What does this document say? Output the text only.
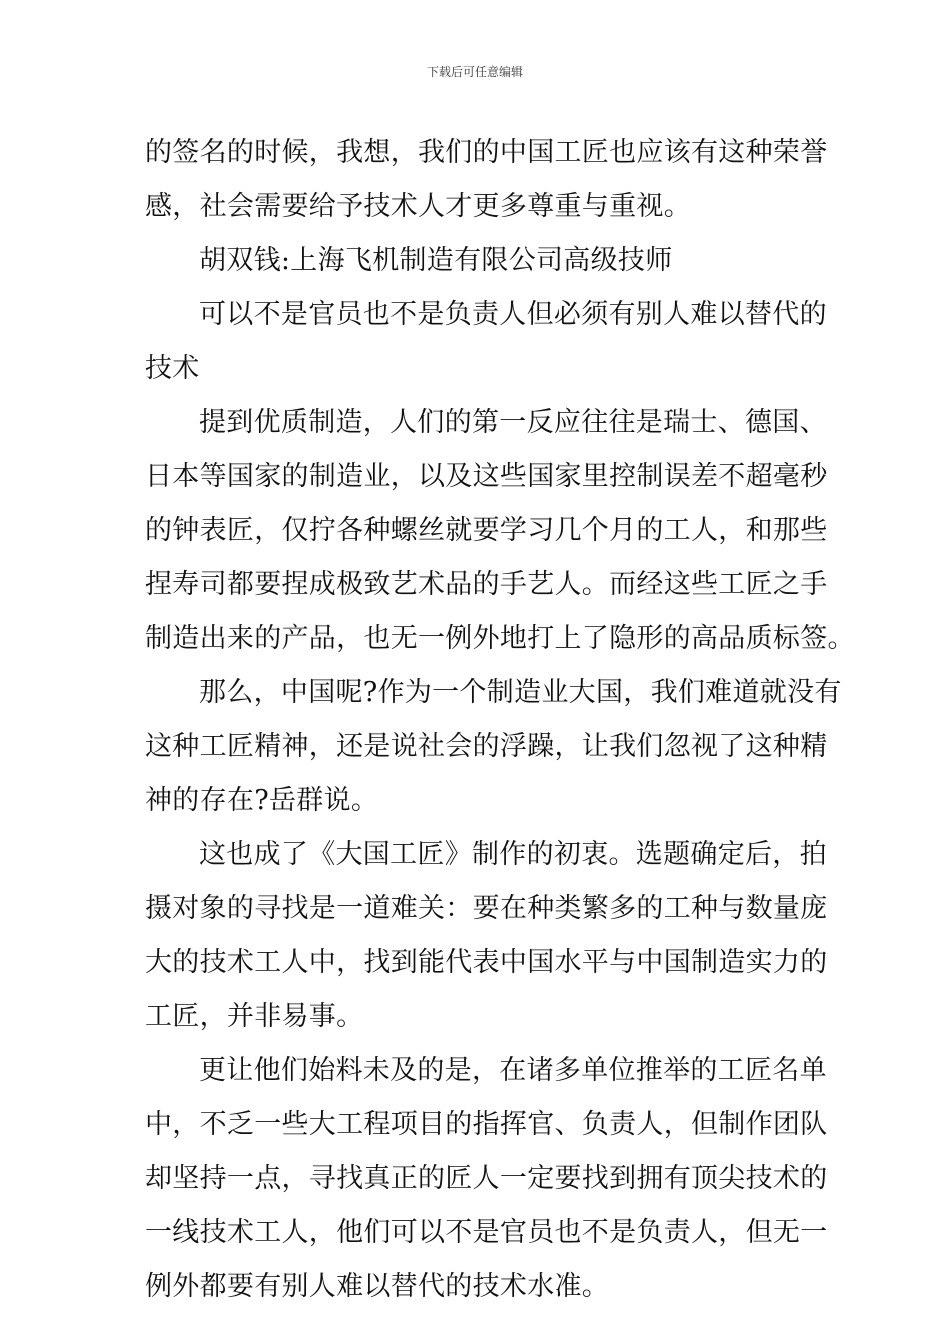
下载后可任意编辑
的签名的时候，我想，我们的中国工匠也应该有这种荣誉
感，社会需要给予技术人才更多尊重与重视。
胡双钱:上海飞机制造有限公司高级技师
可以不是官员也不是负责人但必须有别人难以替代的
技术
提到优质制造，人们的第一反应往往是瑞士、德国、
日本等国家的制造业，以及这些国家里控制误差不超毫秒
的钟表匠，仅拧各种螺丝就要学习几个月的工人，和那些
捏寿司都要捏成极致艺术品的手艺人。而经这些工匠之手
制造出来的产品，也无一例外地打上了隐形的高品质标签。
那么，中国呢?作为一个制造业大国，我们难道就没有
这种工匠精神，还是说社会的浮躁，让我们忽视了这种精
神的存在?岳群说。
这也成了《大国工匠》制作的初衷。选题确定后，拍
摄对象的寻找是一道难关：要在种类繁多的工种与数量庞
大的技术工人中，找到能代表中国水平与中国制造实力的
工匠，并非易事。
更让他们始料未及的是，在诸多单位推举的工匠名单
中，不乏一些大工程项目的指挥官、负责人，但制作团队
却坚持一点，寻找真正的匠人一定要找到拥有顶尖技术的
一线技术工人，他们可以不是官员也不是负责人，但无一
例外都要有别人难以替代的技术水准。
